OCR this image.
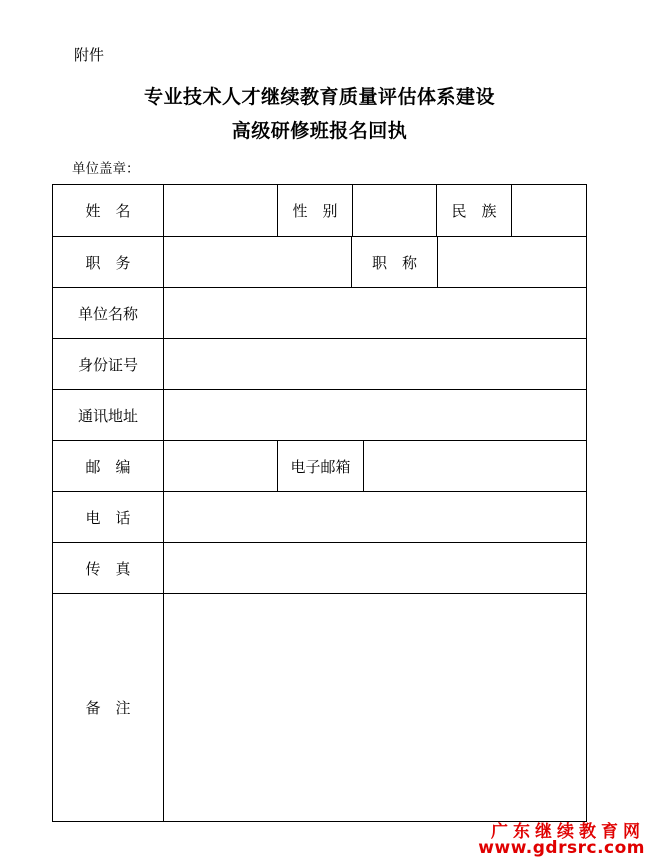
附件
专业技术人才继续教育质量评估体系建设
高级研修班报名回执
单位盖章：
姓　名	性　别	民　族
职　务	职　称
单位名称
身份证号
通讯地址
邮　编	电子邮箱
电　话
传　真
备　注
广东继续教育网
www.gdrsrc.com
